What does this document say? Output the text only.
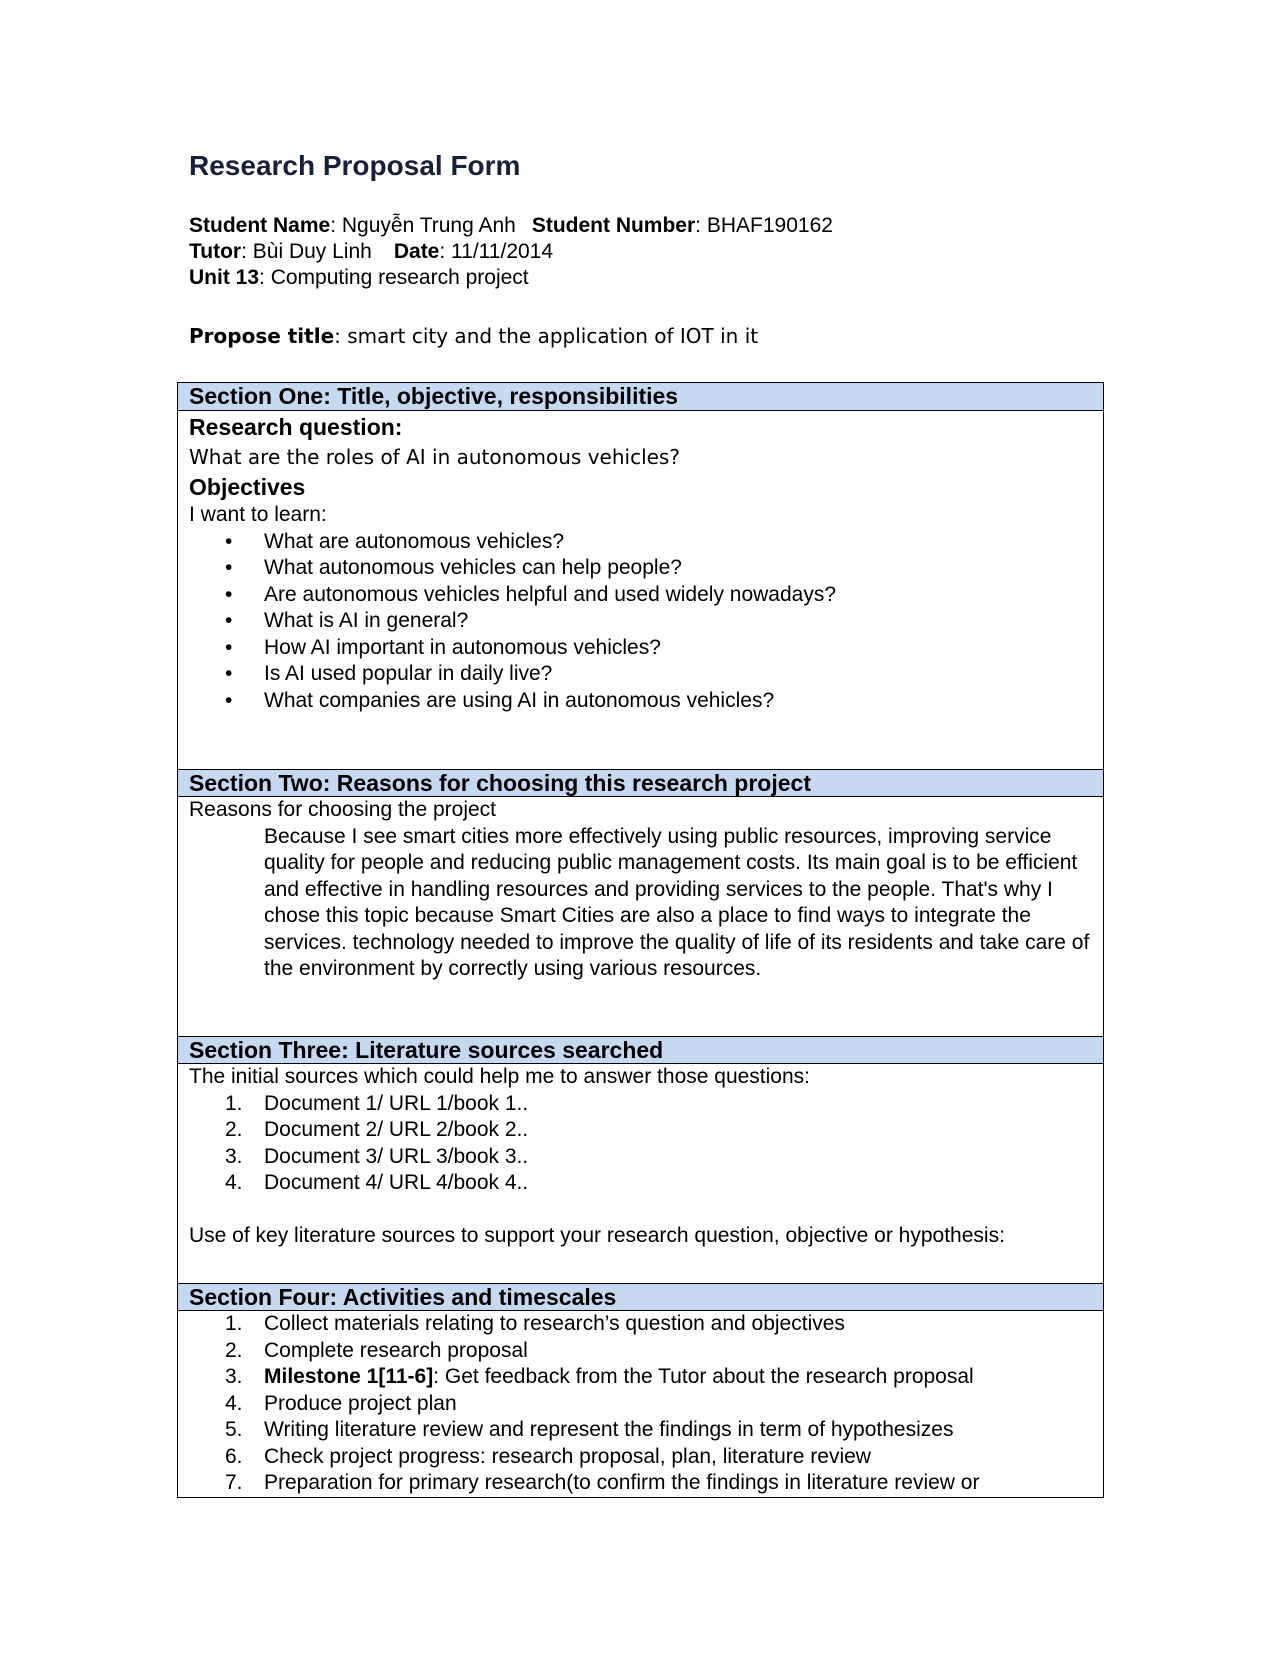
Research Proposal Form
Student Name: Nguyễn Trung Anh Student Number: BHAF190162
Tutor: Bùi Duy Linh Date: 11/11/2014
Unit 13: Computing research project
Propose title: smart city and the application of IOT in it
Section One: Title, objective, responsibilities
Research question:
What are the roles of AI in autonomous vehicles?
Objectives
I want to learn:
• What are autonomous vehicles?
• What autonomous vehicles can help people?
• Are autonomous vehicles helpful and used widely nowadays?
• What is AI in general?
• How AI important in autonomous vehicles?
• Is AI used popular in daily live?
• What companies are using AI in autonomous vehicles?
Section Two: Reasons for choosing this research project
Reasons for choosing the project
Because I see smart cities more effectively using public resources, improving service quality for people and reducing public management costs. Its main goal is to be efficient and effective in handling resources and providing services to the people. That's why I chose this topic because Smart Cities are also a place to find ways to integrate the services. technology needed to improve the quality of life of its residents and take care of the environment by correctly using various resources.
Section Three: Literature sources searched
The initial sources which could help me to answer those questions:
1. Document 1/ URL 1/book 1..
2. Document 2/ URL 2/book 2..
3. Document 3/ URL 3/book 3..
4. Document 4/ URL 4/book 4..
Use of key literature sources to support your research question, objective or hypothesis:
Section Four: Activities and timescales
1. Collect materials relating to research’s question and objectives
2. Complete research proposal
3. Milestone 1[11-6]: Get feedback from the Tutor about the research proposal
4. Produce project plan
5. Writing literature review and represent the findings in term of hypothesizes
6. Check project progress: research proposal, plan, literature review
7. Preparation for primary research(to confirm the findings in literature review or
